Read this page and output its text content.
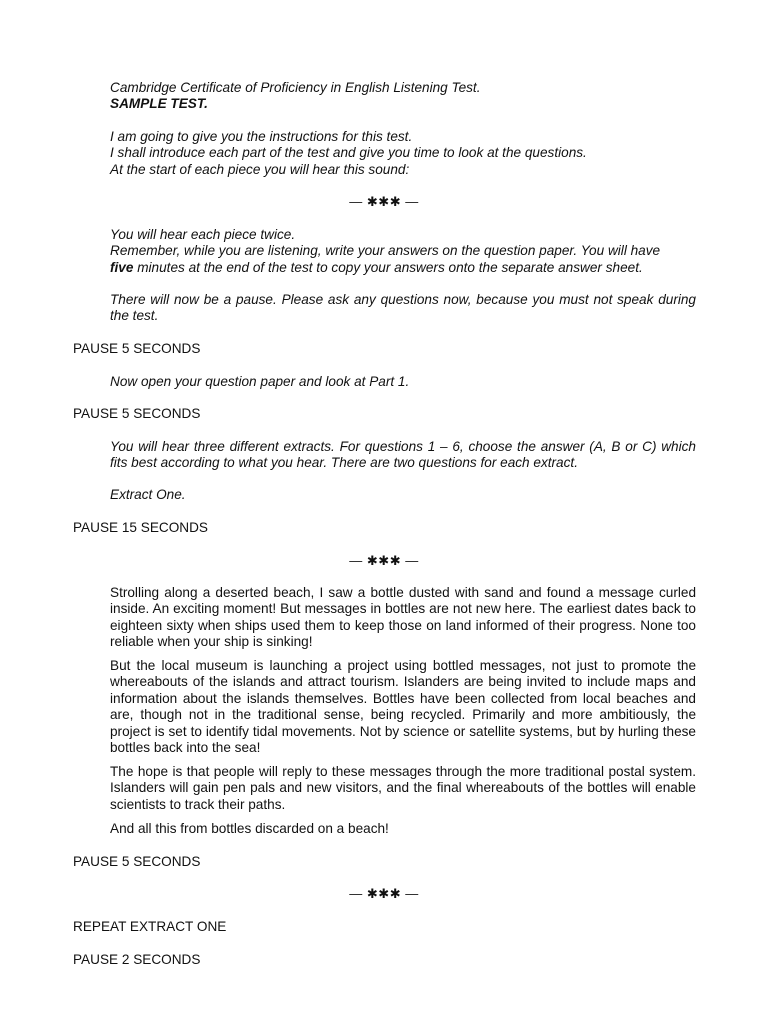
Cambridge Certificate of Proficiency in English Listening Test.
SAMPLE TEST.

I am going to give you the instructions for this test.
I shall introduce each part of the test and give you time to look at the questions.
At the start of each piece you will hear this sound:

— ✱✱✱ —

You will hear each piece twice.
Remember, while you are listening, write your answers on the question paper. You will have
five minutes at the end of the test to copy your answers onto the separate answer sheet.

There will now be a pause. Please ask any questions now, because you must not speak during the test.

PAUSE 5 SECONDS

Now open your question paper and look at Part 1.

PAUSE 5 SECONDS

You will hear three different extracts. For questions 1 – 6, choose the answer (A, B or C) which fits best according to what you hear. There are two questions for each extract.

Extract One.

PAUSE 15 SECONDS

— ✱✱✱ —

Strolling along a deserted beach, I saw a bottle dusted with sand and found a message curled inside. An exciting moment! But messages in bottles are not new here. The earliest dates back to eighteen sixty when ships used them to keep those on land informed of their progress. None too reliable when your ship is sinking!

But the local museum is launching a project using bottled messages, not just to promote the whereabouts of the islands and attract tourism. Islanders are being invited to include maps and information about the islands themselves. Bottles have been collected from local beaches and are, though not in the traditional sense, being recycled. Primarily and more ambitiously, the project is set to identify tidal movements. Not by science or satellite systems, but by hurling these bottles back into the sea!

The hope is that people will reply to these messages through the more traditional postal system. Islanders will gain pen pals and new visitors, and the final whereabouts of the bottles will enable scientists to track their paths.

And all this from bottles discarded on a beach!

PAUSE 5 SECONDS

— ✱✱✱ —

REPEAT EXTRACT ONE

PAUSE 2 SECONDS
